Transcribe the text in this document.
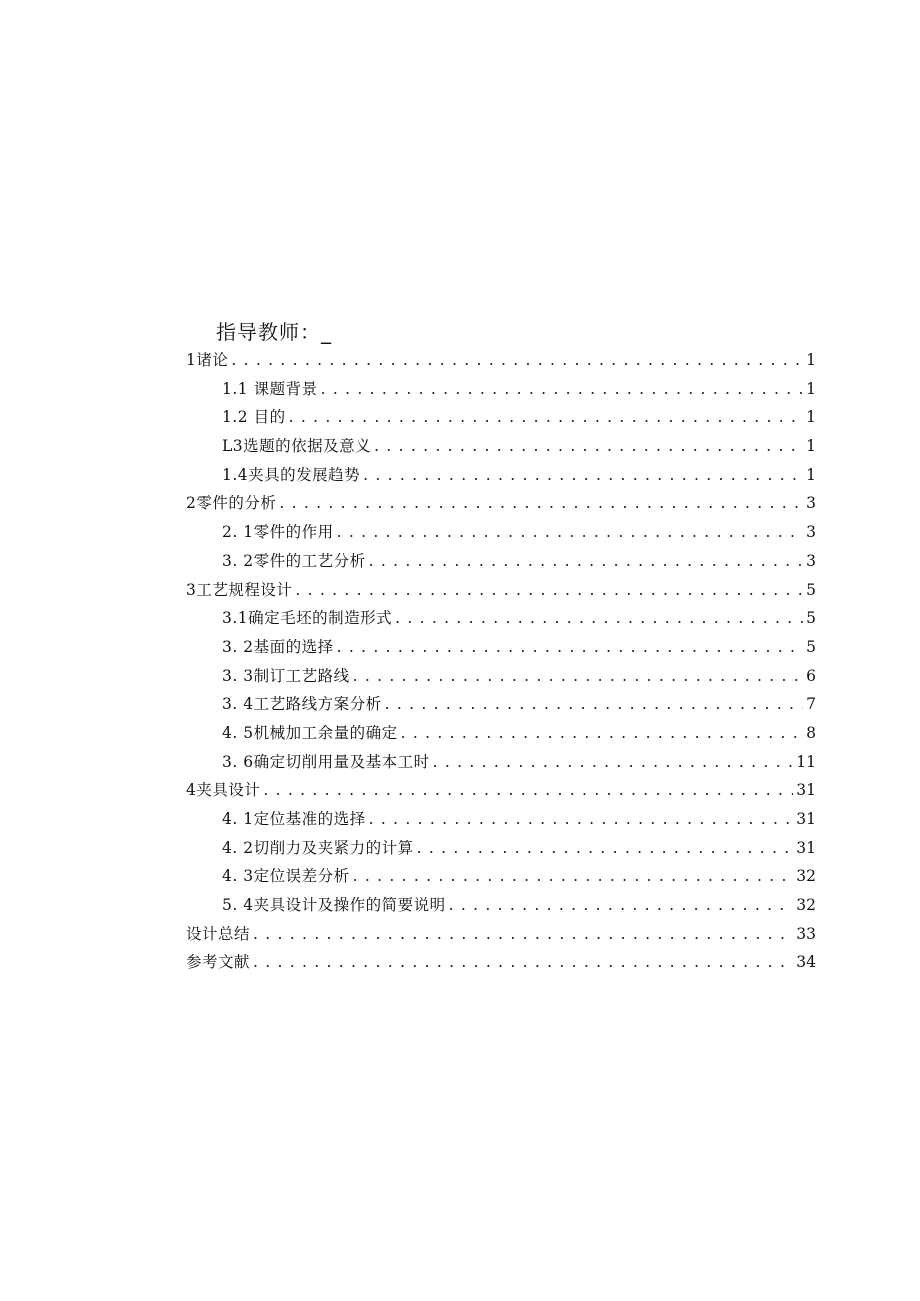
指导教师：_
1诸论 . . .	1
1.1 课题背景 . . .	1
1.2 目的 . . .	1
L3选题的依据及意义 . . .	1
1.4夹具的发展趋势 . . .	1
2零件的分析 . . .	3
2. 1零件的作用 . . .	3
3. 2零件的工艺分析 . . .	3
3工艺规程设计 . . .	5
3.1确定毛坯的制造形式 . . .	5
3. 2基面的选择 . . .	5
3. 3制订工艺路线 . . .	6
3. 4工艺路线方案分析 . . .	7
4. 5机械加工余量的确定 . . .	8
3. 6确定切削用量及基本工时 . . .	11
4夹具设计 . . .	31
4. 1定位基准的选择 . . .	31
4. 2切削力及夹紧力的计算 . . .	31
4. 3定位误差分析 . . .	32
5. 4夹具设计及操作的简要说明 . . .	32
设计总结 . . .	33
参考文献 . . .	34
